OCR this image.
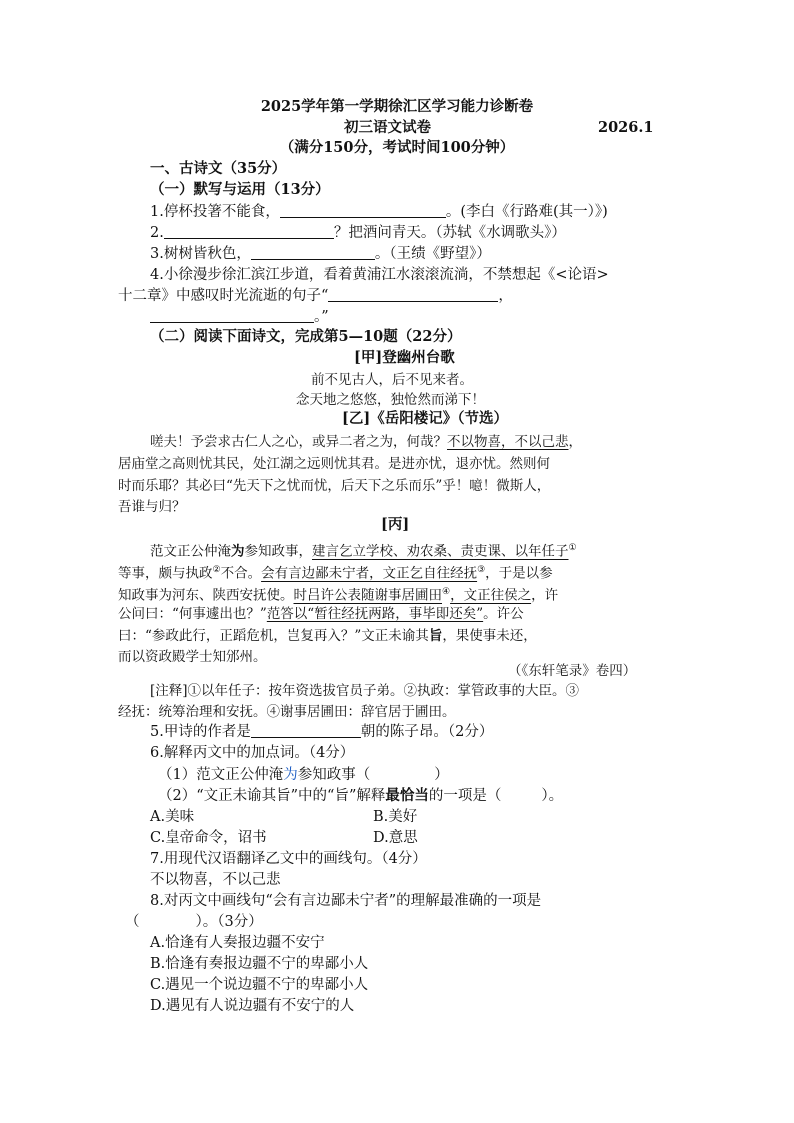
2025学年第一学期徐汇区学习能力诊断卷
初三语文试卷	2026.1
（满分150分，考试时间100分钟）
一、古诗文（35分）
（一）默写与运用（13分）
1.停杯投箸不能食，	。(李白《行路难(其一）》)
2.	？把酒问青天。（苏轼《水调歌头》）
3.树树皆秋色，	。（王绩《野望》）
4.小徐漫步徐汇滨江步道，看着黄浦江水滚滚流淌，不禁想起《<论语>
十二章》中感叹时光流逝的句子“	，
。”
（二）阅读下面诗文，完成第5—10题（22分）
[甲]登幽州台歌
前不见古人，后不见来者。
念天地之悠悠，独怆然而涕下！
[乙]《岳阳楼记》（节选）
嗟夫！予尝求古仁人之心，或异二者之为，何哉？不以物喜，不以己悲，
居庙堂之高则忧其民，处江湖之远则忧其君。是进亦忧，退亦忧。然则何
时而乐耶？其必曰“先天下之忧而忧，后天下之乐而乐”乎！噫！微斯人，
吾谁与归？
[丙]
范文正公仲淹为参知政事，建言乞立学校、劝农桑、责吏课、以年任子①
等事，颇与执政②不合。会有言边鄙未宁者，文正乞自往经抚③，于是以参
知政事为河东、陕西安抚使。时吕许公表随谢事居圃田④，文正往侯之，许
公问曰：“何事遽出也？”范答以“暂往经抚两路，事毕即还矣”。许公
曰：“参政此行，正蹈危机，岂复再入？”文正未谕其旨，果使事未还，
而以资政殿学士知邠州。
（《东轩笔录》卷四）
[注释]①以年任子：按年资选拔官员子弟。②执政：掌管政事的大臣。③
经抚：统筹治理和安抚。④谢事居圃田：辞官居于圃田。
5.甲诗的作者是	朝的陈子昂。（2分）
6.解释丙文中的加点词。（4分）
（1）范文正公仲淹为参知政事（	）
（2）“文正未谕其旨”中的“旨”解释最恰当的一项是（	）。
A.美味	B.美好
C.皇帝命令，诏书	D.意思
7.用现代汉语翻译乙文中的画线句。（4分）
不以物喜，不以己悲
8.对丙文中画线句“会有言边鄙未宁者”的理解最准确的一项是
（	）。（3分）
A.恰逢有人奏报边疆不安宁
B.恰逢有奏报边疆不宁的卑鄙小人
C.遇见一个说边疆不宁的卑鄙小人
D.遇见有人说边疆有不安宁的人
